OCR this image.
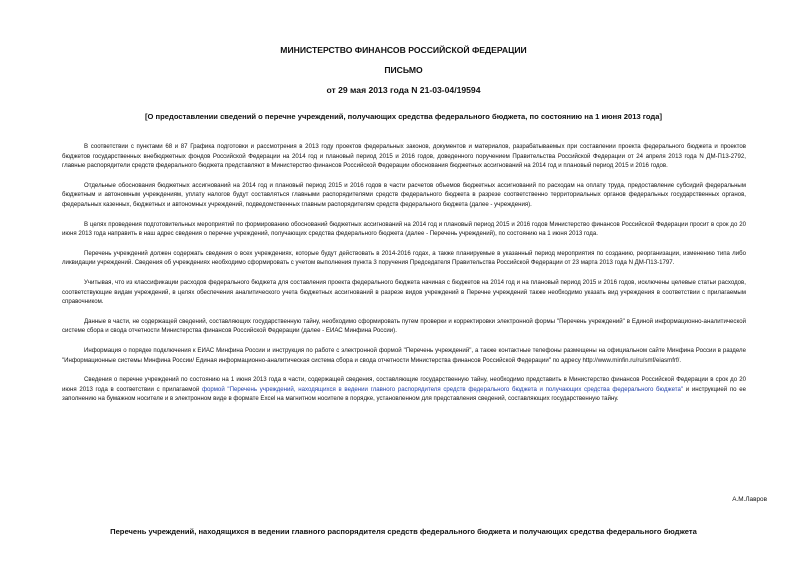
МИНИСТЕРСТВО ФИНАНСОВ РОССИЙСКОЙ ФЕДЕРАЦИИ
ПИСЬМО
от 29 мая 2013 года N 21-03-04/19594
[О предоставлении сведений о перечне учреждений, получающих средства федерального бюджета, по состоянию на 1 июня 2013 года]

В соответствии с пунктами 68 и 87 Графика подготовки и рассмотрения в 2013 году проектов федеральных законов, документов и материалов, разрабатываемых при составлении проекта федерального бюджета и проектов бюджетов государственных внебюджетных фондов Российской Федерации на 2014 год и плановый период 2015 и 2016 годов, доведенного поручением Правительства Российской Федерации от 24 апреля 2013 года N ДМ-П13-2792, главные распорядители средств федерального бюджета представляют в Министерство финансов Российской Федерации обоснования бюджетных ассигнований на 2014 год и плановый период 2015 и 2016 годов.

Отдельные обоснования бюджетных ассигнований на 2014 год и плановый период 2015 и 2016 годов в части расчетов объемов бюджетных ассигнований по расходам на оплату труда, предоставление субсидий федеральным бюджетным и автономным учреждениям, уплату налогов будут составляться главными распорядителями средств федерального бюджета в разрезе соответственно территориальных органов федеральных государственных органов, федеральных казенных, бюджетных и автономных учреждений, подведомственных главным распорядителям средств федерального бюджета (далее - учреждения).

В целях проведения подготовительных мероприятий по формированию обоснований бюджетных ассигнований на 2014 год и плановый период 2015 и 2016 годов Министерство финансов Российской Федерации просит в срок до 20 июня 2013 года направить в наш адрес сведения о перечне учреждений, получающих средства федерального бюджета (далее - Перечень учреждений), по состоянию на 1 июня 2013 года.

Перечень учреждений должен содержать сведения о всех учреждениях, которые будут действовать в 2014-2016 годах, а также планируемые в указанный период мероприятия по созданию, реорганизации, изменению типа либо ликвидации учреждений. Сведения об учреждениях необходимо сформировать с учетом выполнения пункта 3 поручения Председателя Правительства Российской Федерации от 23 марта 2013 года N ДМ-П13-1797.

Учитывая, что из классификации расходов федерального бюджета для составления проекта федерального бюджета начиная с бюджетов на 2014 год и на плановый период 2015 и 2016 годов, исключены целевые статьи расходов, соответствующие видам учреждений, в целях обеспечения аналитического учета бюджетных ассигнований в разрезе видов учреждений в Перечне учреждений также необходимо указать вид учреждения в соответствии с прилагаемым справочником.

Данные в части, не содержащей сведений, составляющих государственную тайну, необходимо сформировать путем проверки и корректировки электронной формы "Перечень учреждений" в Единой информационно-аналитической системе сбора и свода отчетности Министерства финансов Российской Федерации (далее - ЕИАС Минфина России).

Информация о порядке подключения к ЕИАС Минфина России и инструкция по работе с электронной формой "Перечень учреждений", а также контактные телефоны размещены на официальном сайте Минфина России в разделе "Информационные системы Минфина России/ Единая информационно-аналитическая система сбора и свода отчетности Министерства финансов Российской Федерации" по адресу http://www.minfin.ru/ru/smf/eiasmfrf/.

Сведения о перечне учреждений по состоянию на 1 июня 2013 года в части, содержащей сведения, составляющие государственную тайну, необходимо представить в Министерство финансов Российской Федерации в срок до 20 июня 2013 года в соответствии с прилагаемой формой "Перечень учреждений, находящихся в ведении главного распорядителя средств федерального бюджета и получающих средства федерального бюджета" и инструкцией по ее заполнению на бумажном носителе и в электронном виде в формате Excel на магнитном носителе в порядке, установленном для представления сведений, составляющих государственную тайну.

А.М.Лавров
Перечень учреждений, находящихся в ведении главного распорядителя средств федерального бюджета и получающих средства федерального бюджета
